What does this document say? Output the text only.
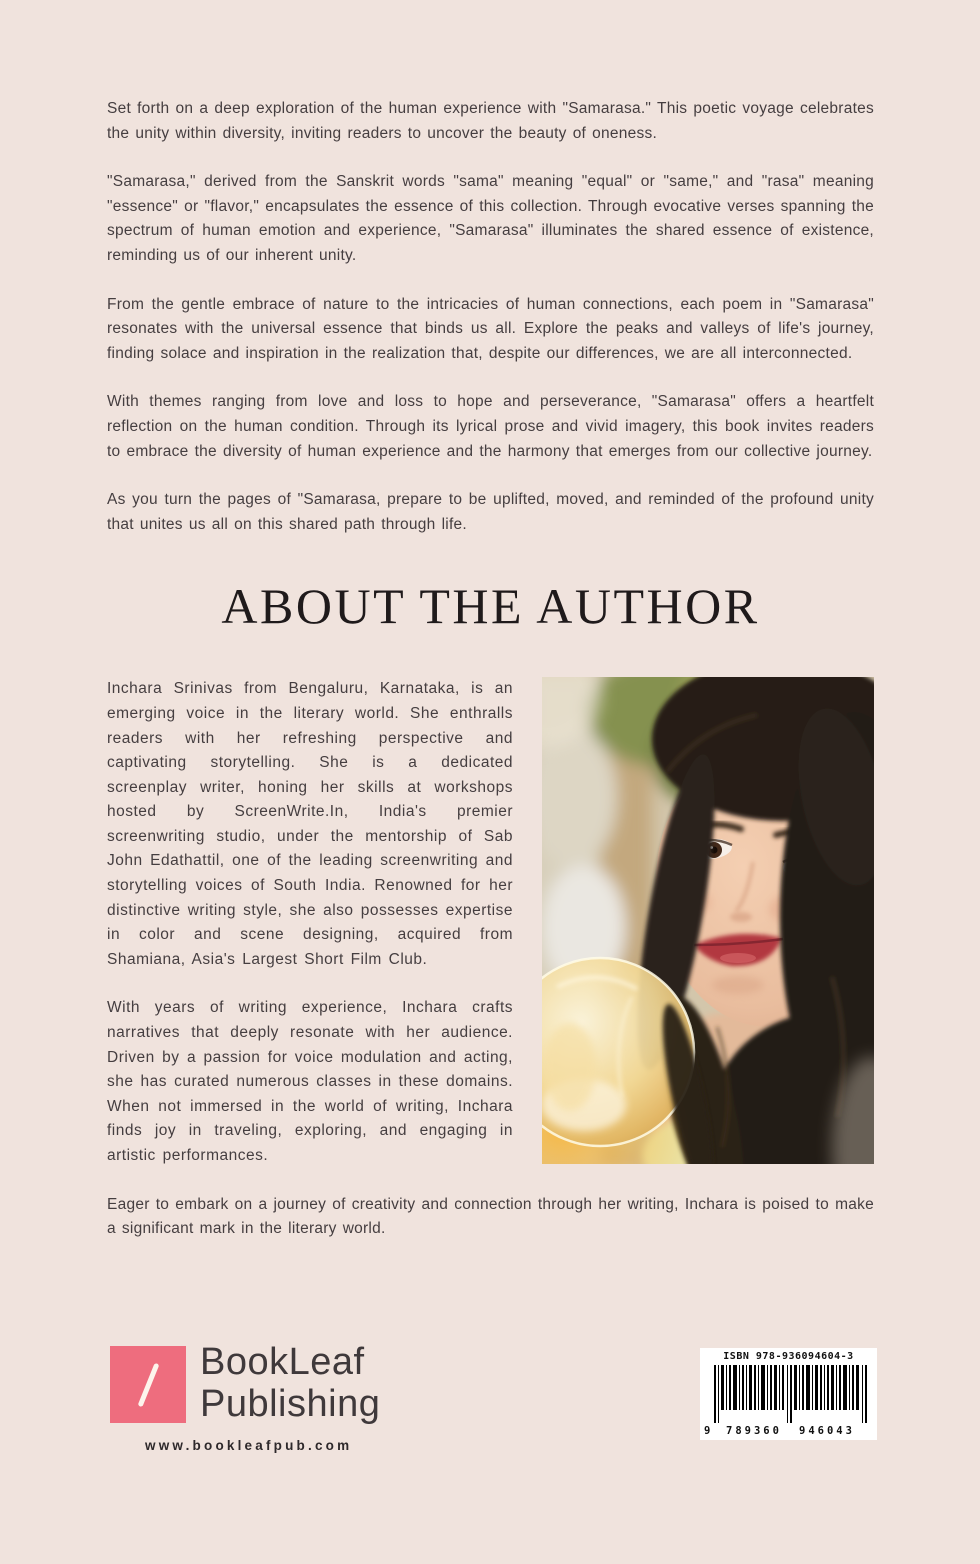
Set forth on a deep exploration of the human experience with "Samarasa." This poetic voyage celebrates the unity within diversity, inviting readers to uncover the beauty of oneness.

"Samarasa," derived from the Sanskrit words "sama" meaning "equal" or "same," and "rasa" meaning "essence" or "flavor," encapsulates the essence of this collection. Through evocative verses spanning the spectrum of human emotion and experience, "Samarasa" illuminates the shared essence of existence, reminding us of our inherent unity.

From the gentle embrace of nature to the intricacies of human connections, each poem in "Samarasa" resonates with the universal essence that binds us all. Explore the peaks and valleys of life's journey, finding solace and inspiration in the realization that, despite our differences, we are all interconnected.

With themes ranging from love and loss to hope and perseverance, "Samarasa" offers a heartfelt reflection on the human condition. Through its lyrical prose and vivid imagery, this book invites readers to embrace the diversity of human experience and the harmony that emerges from our collective journey.

As you turn the pages of "Samarasa, prepare to be uplifted, moved, and reminded of the profound unity that unites us all on this shared path through life.

ABOUT THE AUTHOR

Inchara Srinivas from Bengaluru, Karnataka, is an emerging voice in the literary world. She enthralls readers with her refreshing perspective and captivating storytelling. She is a dedicated screenplay writer, honing her skills at workshops hosted by ScreenWrite.In, India's premier screenwriting studio, under the mentorship of Sab John Edathattil, one of the leading screenwriting and storytelling voices of South India. Renowned for her distinctive writing style, she also possesses expertise in color and scene designing, acquired from Shamiana, Asia's Largest Short Film Club.

With years of writing experience, Inchara crafts narratives that deeply resonate with her audience. Driven by a passion for voice modulation and acting, she has curated numerous classes in these domains. When not immersed in the world of writing, Inchara finds joy in traveling, exploring, and engaging in artistic performances.

Eager to embark on a journey of creativity and connection through her writing, Inchara is poised to make a significant mark in the literary world.

BookLeaf
Publishing
www.bookleafpub.com
ISBN 978-936094604-3
9 789360 946043
